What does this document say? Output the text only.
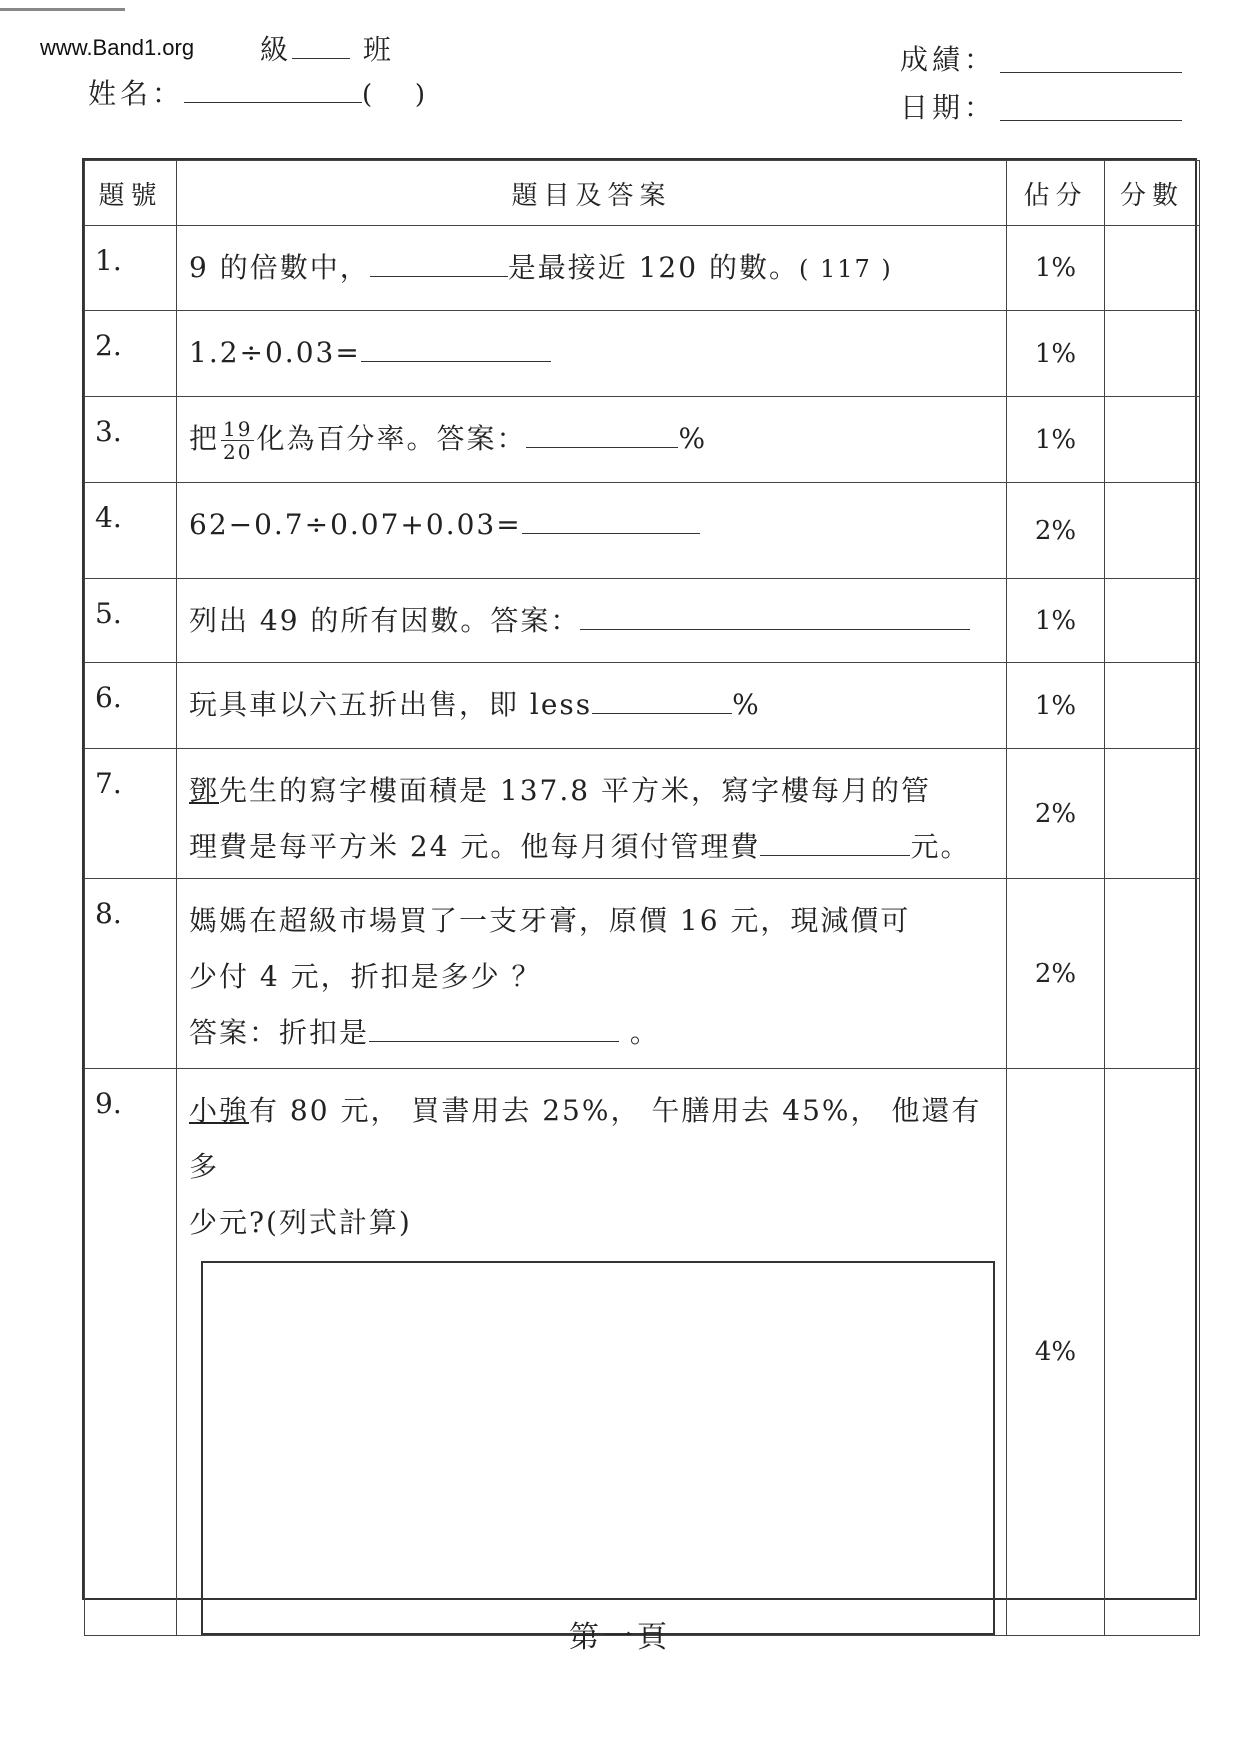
www.Band1.org 級	班
姓名：	( )
成績：
日期：
題號	題目及答案	佔分	分數
1.	9 的倍數中， 是最接近 120 的數。( 117 )	1%	
2.	1.2÷0.03=	1%	
3.	把 $\frac{19}{20}$ 化為百分率。答案： %	1%	
4.	62−0.7÷0.07+0.03=	2%	
5.	列出 49 的所有因數。答案：	1%	
6.	玩具車以六五折出售，即 less %	1%	
7.	鄧先生的寫字樓面積是 137.8 平方米，寫字樓每月的管
理費是每平方米 24 元。他每月須付管理費 元。	2%	
8.	媽媽在超級市場買了一支牙膏，原價 16 元，現減價可
少付 4 元，折扣是多少 ？
答案：折扣是 。	2%	
9.	小強有 80 元， 買書用去 25%， 午膳用去 45%， 他還有多
少元?(列式計算)	4%	
第一頁
